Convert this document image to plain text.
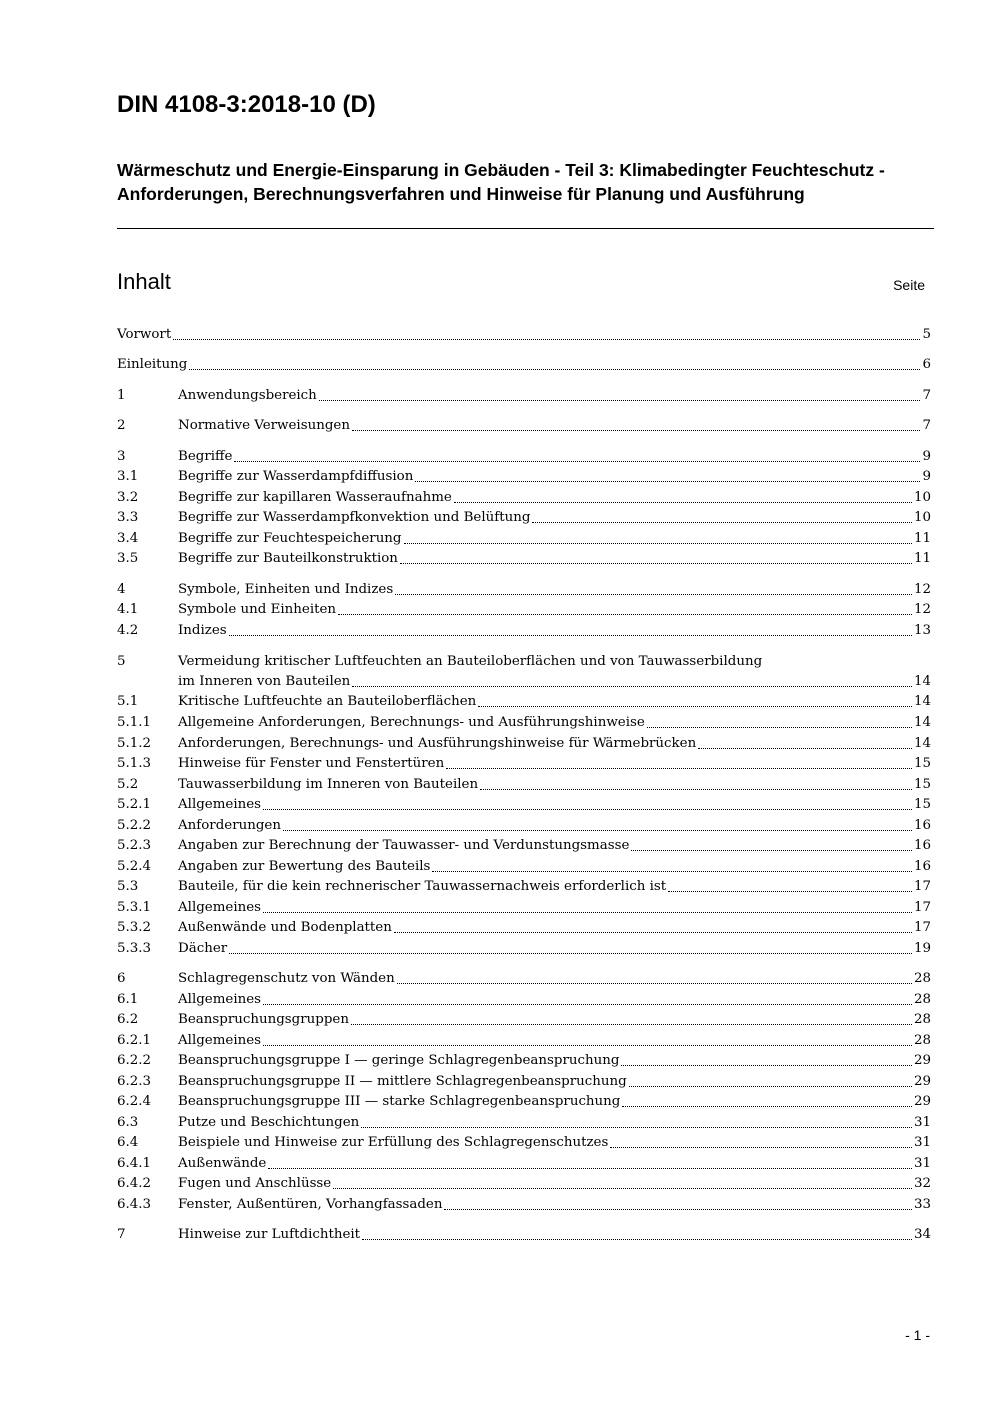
DIN 4108-3:2018-10 (D)
Wärmeschutz und Energie-Einsparung in Gebäuden - Teil 3: Klimabedingter Feuchteschutz - Anforderungen, Berechnungsverfahren und Hinweise für Planung und Ausführung
Inhalt	Seite
Vorwort	5
Einleitung	6
1	Anwendungsbereich	7
2	Normative Verweisungen	7
3	Begriffe	9
3.1	Begriffe zur Wasserdampfdiffusion	9
3.2	Begriffe zur kapillaren Wasseraufnahme	10
3.3	Begriffe zur Wasserdampfkonvektion und Belüftung	10
3.4	Begriffe zur Feuchtespeicherung	11
3.5	Begriffe zur Bauteilkonstruktion	11
4	Symbole, Einheiten und Indizes	12
4.1	Symbole und Einheiten	12
4.2	Indizes	13
5	Vermeidung kritischer Luftfeuchten an Bauteiloberflächen und von Tauwasserbildung
im Inneren von Bauteilen	14
5.1	Kritische Luftfeuchte an Bauteiloberflächen	14
5.1.1 Allgemeine Anforderungen, Berechnungs- und Ausführungshinweise	14
5.1.2 Anforderungen, Berechnungs- und Ausführungshinweise für Wärmebrücken	14
5.1.3 Hinweise für Fenster und Fenstertüren	15
5.2	Tauwasserbildung im Inneren von Bauteilen	15
5.2.1 Allgemeines	15
5.2.2 Anforderungen	16
5.2.3 Angaben zur Berechnung der Tauwasser- und Verdunstungsmasse	16
5.2.4 Angaben zur Bewertung des Bauteils	16
5.3	Bauteile, für die kein rechnerischer Tauwassernachweis erforderlich ist	17
5.3.1 Allgemeines	17
5.3.2 Außenwände und Bodenplatten	17
5.3.3 Dächer	19
6	Schlagregenschutz von Wänden	28
6.1	Allgemeines	28
6.2	Beanspruchungsgruppen	28
6.2.1 Allgemeines	28
6.2.2 Beanspruchungsgruppe I — geringe Schlagregenbeanspruchung	29
6.2.3 Beanspruchungsgruppe II — mittlere Schlagregenbeanspruchung	29
6.2.4 Beanspruchungsgruppe III — starke Schlagregenbeanspruchung	29
6.3	Putze und Beschichtungen	31
6.4	Beispiele und Hinweise zur Erfüllung des Schlagregenschutzes	31
6.4.1 Außenwände	31
6.4.2 Fugen und Anschlüsse	32
6.4.3 Fenster, Außentüren, Vorhangfassaden	33
7	Hinweise zur Luftdichtheit	34
- 1 -
